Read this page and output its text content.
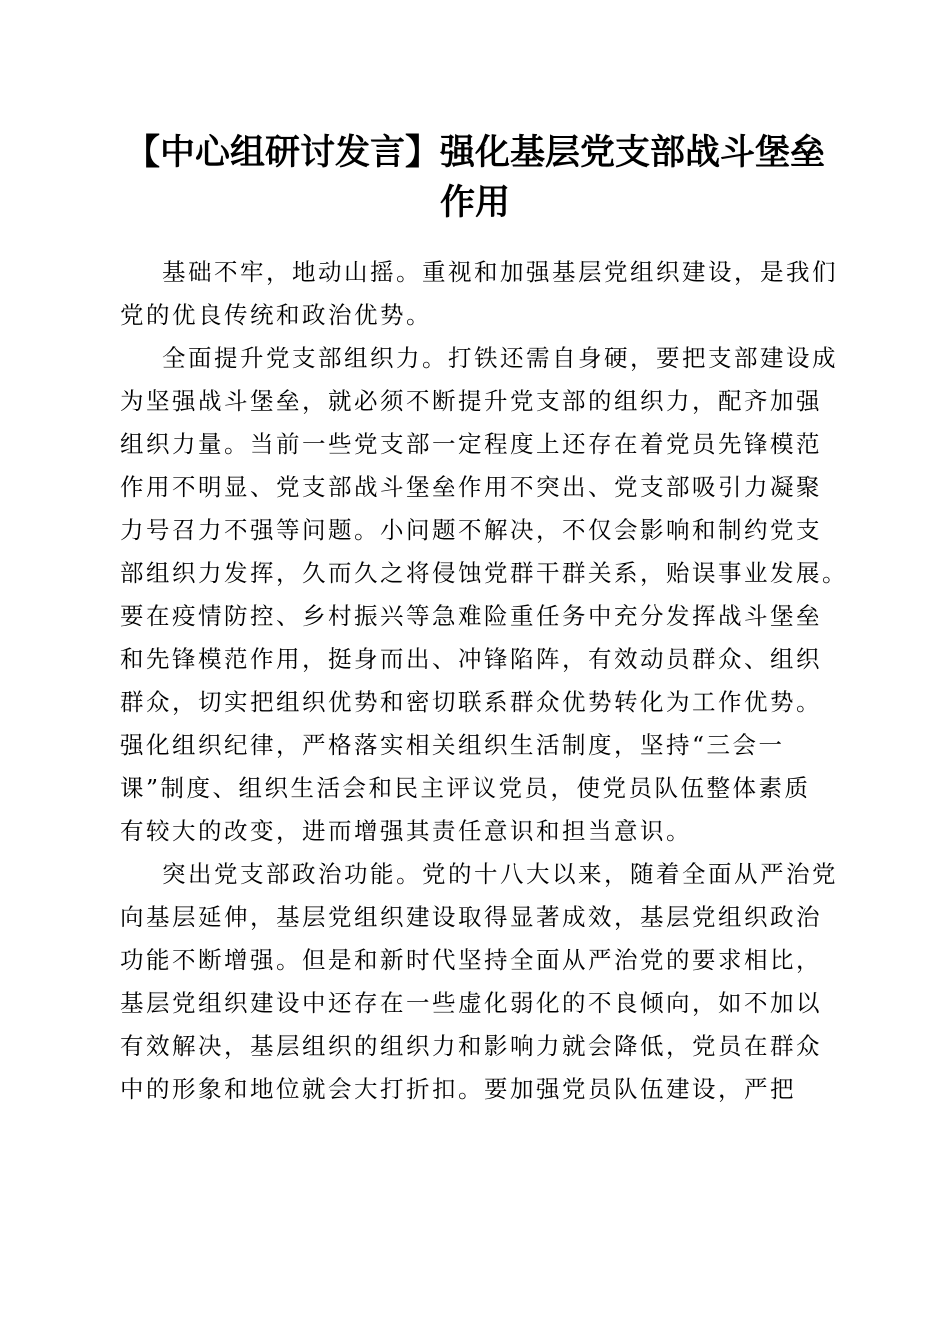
【中心组研讨发言】强化基层党支部战斗堡垒
作用
基础不牢，地动山摇。重视和加强基层党组织建设，是我们
党的优良传统和政治优势。
全面提升党支部组织力。打铁还需自身硬，要把支部建设成
为坚强战斗堡垒，就必须不断提升党支部的组织力，配齐加强
组织力量。当前一些党支部一定程度上还存在着党员先锋模范
作用不明显、党支部战斗堡垒作用不突出、党支部吸引力凝聚
力号召力不强等问题。小问题不解决，不仅会影响和制约党支
部组织力发挥，久而久之将侵蚀党群干群关系，贻误事业发展。
要在疫情防控、乡村振兴等急难险重任务中充分发挥战斗堡垒
和先锋模范作用，挺身而出、冲锋陷阵，有效动员群众、组织
群众，切实把组织优势和密切联系群众优势转化为工作优势。
强化组织纪律，严格落实相关组织生活制度，坚持“三会一
课”制度、组织生活会和民主评议党员，使党员队伍整体素质
有较大的改变，进而增强其责任意识和担当意识。
突出党支部政治功能。党的十八大以来，随着全面从严治党
向基层延伸，基层党组织建设取得显著成效，基层党组织政治
功能不断增强。但是和新时代坚持全面从严治党的要求相比，
基层党组织建设中还存在一些虚化弱化的不良倾向，如不加以
有效解决，基层组织的组织力和影响力就会降低，党员在群众
中的形象和地位就会大打折扣。要加强党员队伍建设，严把
